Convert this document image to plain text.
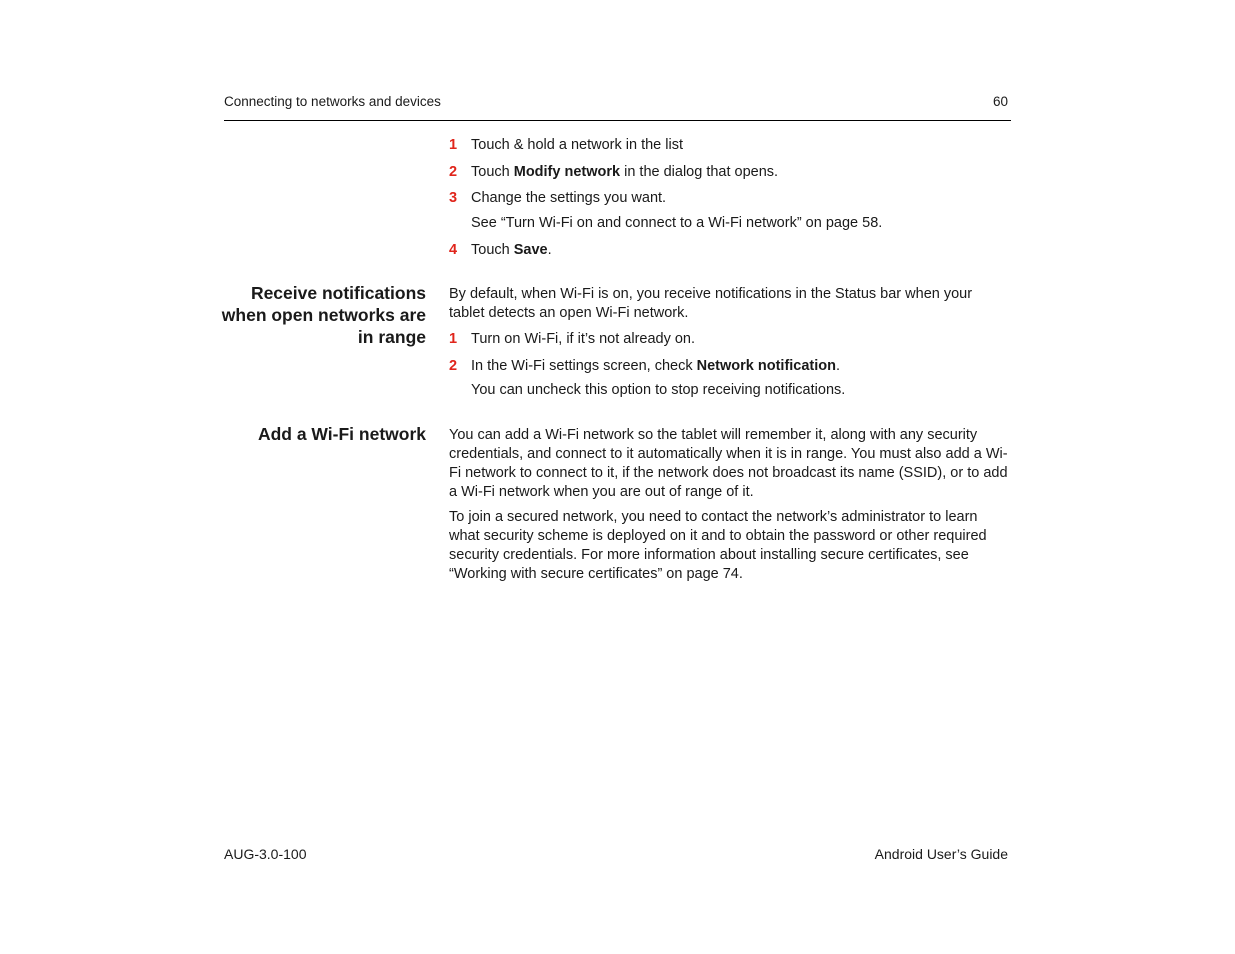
Connecting to networks and devices	60
1 Touch & hold a network in the list
2 Touch Modify network in the dialog that opens.
3 Change the settings you want.
See “Turn Wi-Fi on and connect to a Wi-Fi network” on page 58.
4 Touch Save.
Receive notifications
when open networks are
in range
By default, when Wi-Fi is on, you receive notifications in the Status bar when your tablet detects an open Wi-Fi network.
1 Turn on Wi-Fi, if it’s not already on.
2 In the Wi-Fi settings screen, check Network notification.
You can uncheck this option to stop receiving notifications.
Add a Wi-Fi network You can add a Wi-Fi network so the tablet will remember it, along with any security credentials, and connect to it automatically when it is in range. You must also add a Wi-Fi network to connect to it, if the network does not broadcast its name (SSID), or to add a Wi-Fi network when you are out of range of it.
To join a secured network, you need to contact the network’s administrator to learn what security scheme is deployed on it and to obtain the password or other required security credentials. For more information about installing secure certificates, see “Working with secure certificates” on page 74.
AUG-3.0-100	Android User’s Guide
